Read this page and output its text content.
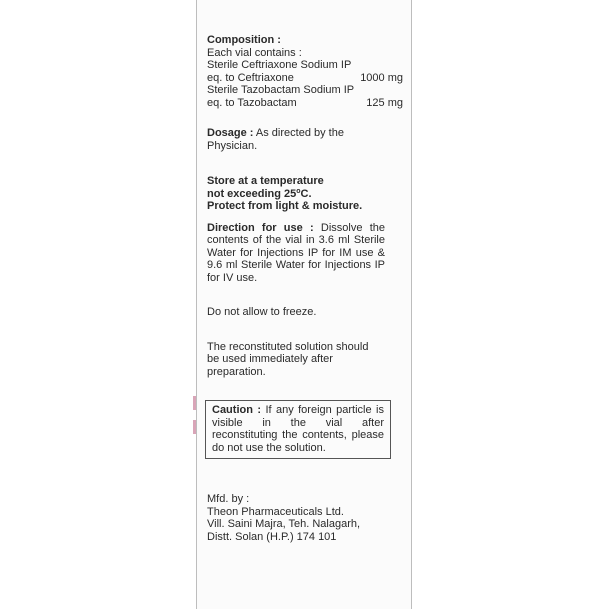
Composition :
Each vial contains :
Sterile Ceftriaxone Sodium IP
eq. to Ceftriaxone	1000 mg
Sterile Tazobactam Sodium IP
eq. to Tazobactam	125 mg
Dosage : As directed by the
Physician.
Store at a temperature
not exceeding 25$^o$C.
Protect from light & moisture.
Direction for use : Dissolve the contents of the vial in 3.6 ml Sterile Water for Injections IP for IM use & 9.6 ml Sterile Water for Injections IP for IV use.
Do not allow to freeze.
The reconstituted solution should
be used immediately after
preparation.
Caution : If any foreign particle is visible in the vial after reconstituting the contents, please do not use the solution.
Mfd. by :
Theon Pharmaceuticals Ltd.
Vill. Saini Majra, Teh. Nalagarh,
Distt. Solan (H.P.) 174 101
